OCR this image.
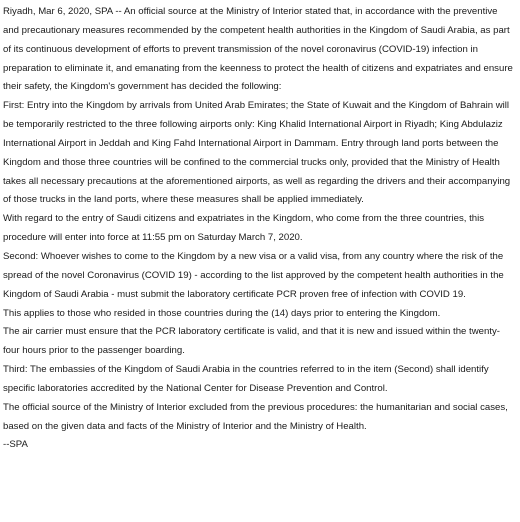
Riyadh, Mar 6, 2020, SPA -- An official source at the Ministry of Interior stated that, in accordance with the preventive and precautionary measures recommended by the competent health authorities in the Kingdom of Saudi Arabia, as part of its continuous development of efforts to prevent transmission of the novel coronavirus (COVID-19) infection in preparation to eliminate it, and emanating from the keenness to protect the health of citizens and expatriates and ensure their safety, the Kingdom's government has decided the following:

First: Entry into the Kingdom by arrivals from United Arab Emirates; the State of Kuwait and the Kingdom of Bahrain will be temporarily restricted to the three following airports only: King Khalid International Airport in Riyadh; King Abdulaziz International Airport in Jeddah and King Fahd International Airport in Dammam. Entry through land ports between the Kingdom and those three countries will be confined to the commercial trucks only, provided that the Ministry of Health takes all necessary precautions at the aforementioned airports, as well as regarding the drivers and their accompanying of those trucks in the land ports, where these measures shall be applied immediately.

With regard to the entry of Saudi citizens and expatriates in the Kingdom, who come from the three countries, this procedure will enter into force at 11:55 pm on Saturday March 7, 2020.

Second: Whoever wishes to come to the Kingdom by a new visa or a valid visa, from any country where the risk of the spread of the novel Coronavirus (COVID 19) - according to the list approved by the competent health authorities in the Kingdom of Saudi Arabia - must submit the laboratory certificate PCR proven free of infection with COVID 19.

This applies to those who resided in those countries during the (14) days prior to entering the Kingdom.

The air carrier must ensure that the PCR laboratory certificate is valid, and that it is new and issued within the twenty-four hours prior to the passenger boarding.

Third: The embassies of the Kingdom of Saudi Arabia in the countries referred to in the item (Second) shall identify specific laboratories accredited by the National Center for Disease Prevention and Control.

The official source of the Ministry of Interior excluded from the previous procedures: the humanitarian and social cases, based on the given data and facts of the Ministry of Interior and the Ministry of Health.

--SPA
